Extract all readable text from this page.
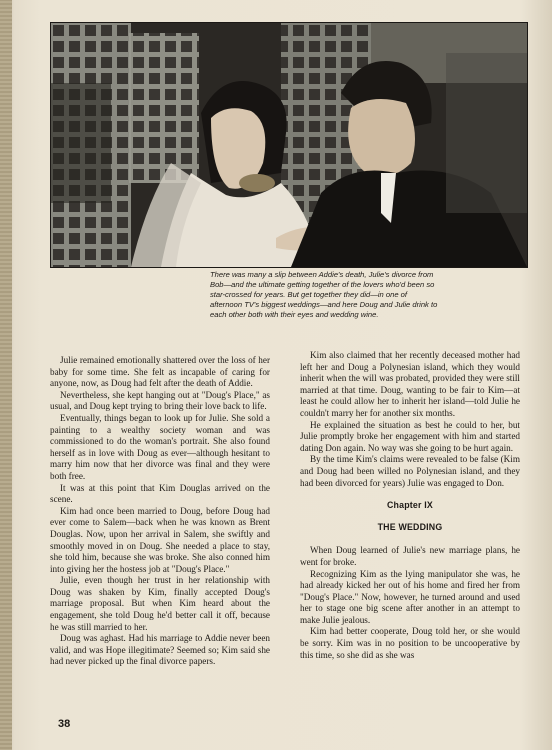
There was many a slip between Addie's death, Julie's divorce from Bob—and the ultimate getting together of the lovers who'd been so star-crossed for years. But get together they did—in one of afternoon TV's biggest weddings—and here Doug and Julie drink to each other both with their eyes and wedding wine.

Julie remained emotionally shattered over the loss of her baby for some time. She felt as incapable of caring for anyone, now, as Doug had felt after the death of Addie.

Nevertheless, she kept hanging out at "Doug's Place," as usual, and Doug kept trying to bring their love back to life.

Eventually, things began to look up for Julie. She sold a painting to a wealthy society woman and was commissioned to do the woman's portrait. She also found herself as in love with Doug as ever—although hesitant to marry him now that her divorce was final and they were both free.

It was at this point that Kim Douglas arrived on the scene.

Kim had once been married to Doug, before Doug had ever come to Salem—back when he was known as Brent Douglas. Now, upon her arrival in Salem, she swiftly and smoothly moved in on Doug. She needed a place to stay, she told him, because she was broke. She also conned him into giving her the hostess job at "Doug's Place."

Julie, even though her trust in her relationship with Doug was shaken by Kim, finally accepted Doug's marriage proposal. But when Kim heard about the engagement, she told Doug he'd better call it off, because he was still married to her.

Doug was aghast. Had his marriage to Addie never been valid, and was Hope illegitimate? Seemed so; Kim said she had never picked up the final divorce papers.

Kim also claimed that her recently deceased mother had left her and Doug a Polynesian island, which they would inherit when the will was probated, provided they were still married at that time. Doug, wanting to be fair to Kim—at least he could allow her to inherit her island—told Julie he couldn't marry her for another six months.

He explained the situation as best he could to her, but Julie promptly broke her engagement with him and started dating Don again. No way was she going to be hurt again.

By the time Kim's claims were revealed to be false (Kim and Doug had been willed no Polynesian island, and they had been divorced for years) Julie was engaged to Don.

Chapter IX
THE WEDDING

When Doug learned of Julie's new marriage plans, he went for broke.

Recognizing Kim as the lying manipulator she was, he had already kicked her out of his home and fired her from "Doug's Place." Now, however, he turned around and used her to stage one big scene after another in an attempt to make Julie jealous.

Kim had better cooperate, Doug told her, or she would be sorry. Kim was in no position to be uncooperative by this time, so she did as she was

38
